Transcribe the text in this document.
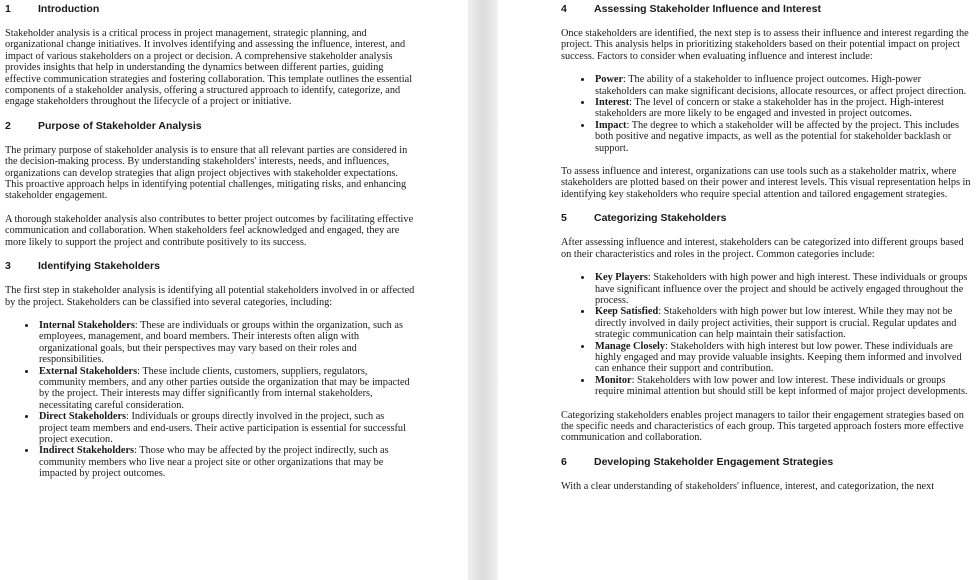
1	Introduction

Stakeholder analysis is a critical process in project management, strategic planning, and organizational change initiatives. It involves identifying and assessing the influence, interest, and impact of various stakeholders on a project or decision. A comprehensive stakeholder analysis provides insights that help in understanding the dynamics between different parties, guiding effective communication strategies and fostering collaboration. This template outlines the essential components of a stakeholder analysis, offering a structured approach to identify, categorize, and engage stakeholders throughout the lifecycle of a project or initiative.

2	Purpose of Stakeholder Analysis

The primary purpose of stakeholder analysis is to ensure that all relevant parties are considered in the decision-making process. By understanding stakeholders' interests, needs, and influences, organizations can develop strategies that align project objectives with stakeholder expectations. This proactive approach helps in identifying potential challenges, mitigating risks, and enhancing stakeholder engagement.

A thorough stakeholder analysis also contributes to better project outcomes by facilitating effective communication and collaboration. When stakeholders feel acknowledged and engaged, they are more likely to support the project and contribute positively to its success.

3	Identifying Stakeholders

The first step in stakeholder analysis is identifying all potential stakeholders involved in or affected by the project. Stakeholders can be classified into several categories, including:

• Internal Stakeholders: These are individuals or groups within the organization, such as employees, management, and board members. Their interests often align with organizational goals, but their perspectives may vary based on their roles and responsibilities.
• External Stakeholders: These include clients, customers, suppliers, regulators, community members, and any other parties outside the organization that may be impacted by the project. Their interests may differ significantly from internal stakeholders, necessitating careful consideration.
• Direct Stakeholders: Individuals or groups directly involved in the project, such as project team members and end-users. Their active participation is essential for successful project execution.
• Indirect Stakeholders: Those who may be affected by the project indirectly, such as community members who live near a project site or other organizations that may be impacted by project outcomes.
4	Assessing Stakeholder Influence and Interest

Once stakeholders are identified, the next step is to assess their influence and interest regarding the project. This analysis helps in prioritizing stakeholders based on their potential impact on project success. Factors to consider when evaluating influence and interest include:

• Power: The ability of a stakeholder to influence project outcomes. High-power stakeholders can make significant decisions, allocate resources, or affect project direction.
• Interest: The level of concern or stake a stakeholder has in the project. High-interest stakeholders are more likely to be engaged and invested in project outcomes.
• Impact: The degree to which a stakeholder will be affected by the project. This includes both positive and negative impacts, as well as the potential for stakeholder backlash or support.

To assess influence and interest, organizations can use tools such as a stakeholder matrix, where stakeholders are plotted based on their power and interest levels. This visual representation helps in identifying key stakeholders who require special attention and tailored engagement strategies.

5	Categorizing Stakeholders

After assessing influence and interest, stakeholders can be categorized into different groups based on their characteristics and roles in the project. Common categories include:

• Key Players: Stakeholders with high power and high interest. These individuals or groups have significant influence over the project and should be actively engaged throughout the process.
• Keep Satisfied: Stakeholders with high power but low interest. While they may not be directly involved in daily project activities, their support is crucial. Regular updates and strategic communication can help maintain their satisfaction.
• Manage Closely: Stakeholders with high interest but low power. These individuals are highly engaged and may provide valuable insights. Keeping them informed and involved can enhance their support and contribution.
• Monitor: Stakeholders with low power and low interest. These individuals or groups require minimal attention but should still be kept informed of major project developments.

Categorizing stakeholders enables project managers to tailor their engagement strategies based on the specific needs and characteristics of each group. This targeted approach fosters more effective communication and collaboration.

6	Developing Stakeholder Engagement Strategies

With a clear understanding of stakeholders' influence, interest, and categorization, the next
